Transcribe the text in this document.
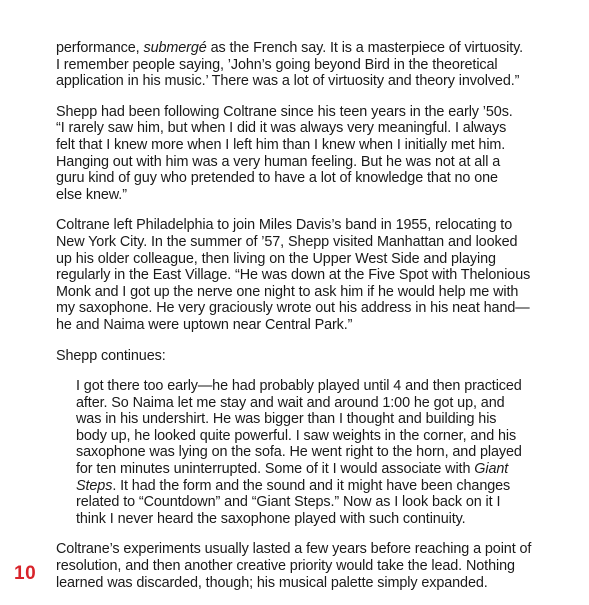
performance, submergé as the French say. It is a masterpiece of virtuosity.
I remember people saying, ’John’s going beyond Bird in the theoretical
application in his music.’ There was a lot of virtuosity and theory involved.”
Shepp had been following Coltrane since his teen years in the early ’50s.
“I rarely saw him, but when I did it was always very meaningful. I always
felt that I knew more when I left him than I knew when I initially met him.
Hanging out with him was a very human feeling. But he was not at all a
guru kind of guy who pretended to have a lot of knowledge that no one
else knew.”
Coltrane left Philadelphia to join Miles Davis’s band in 1955, relocating to
New York City. In the summer of ’57, Shepp visited Manhattan and looked
up his older colleague, then living on the Upper West Side and playing
regularly in the East Village. “He was down at the Five Spot with Thelonious
Monk and I got up the nerve one night to ask him if he would help me with
my saxophone. He very graciously wrote out his address in his neat hand—
he and Naima were uptown near Central Park.”
Shepp continues:
I got there too early—he had probably played until 4 and then practiced
after. So Naima let me stay and wait and around 1:00 he got up, and
was in his undershirt. He was bigger than I thought and building his
body up, he looked quite powerful. I saw weights in the corner, and his
saxophone was lying on the sofa. He went right to the horn, and played
for ten minutes uninterrupted. Some of it I would associate with Giant
Steps. It had the form and the sound and it might have been changes
related to “Countdown” and “Giant Steps.” Now as I look back on it I
think I never heard the saxophone played with such continuity.
Coltrane’s experiments usually lasted a few years before reaching a point of
resolution, and then another creative priority would take the lead. Nothing
learned was discarded, though; his musical palette simply expanded.
10
